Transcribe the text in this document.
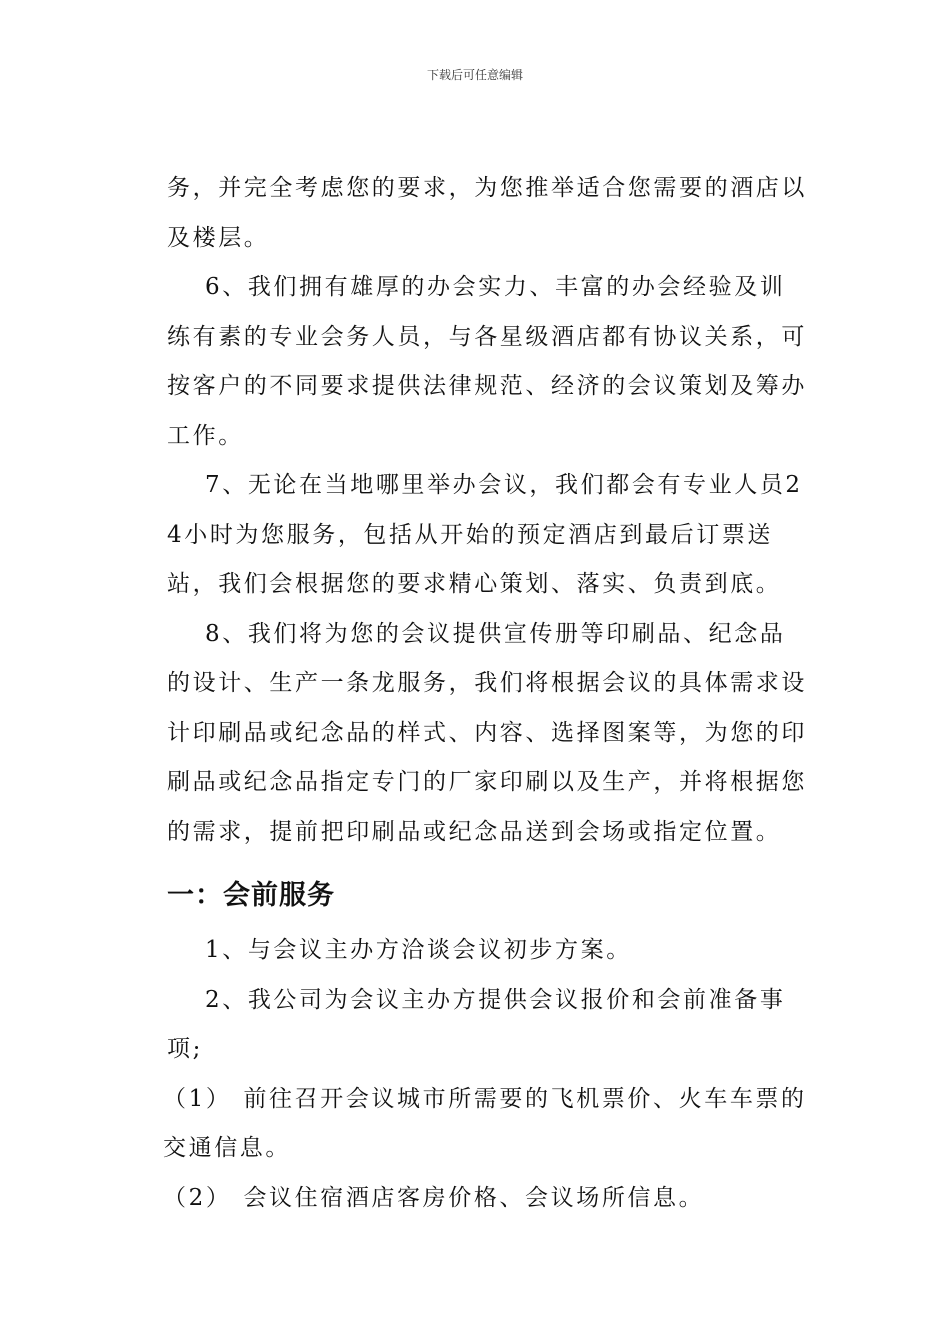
下载后可任意编辑

务，并完全考虑您的要求，为您推举适合您需要的酒店以及楼层。

6、我们拥有雄厚的办会实力、丰富的办会经验及训练有素的专业会务人员，与各星级酒店都有协议关系，可按客户的不同要求提供法律规范、经济的会议策划及筹办工作。

7、无论在当地哪里举办会议，我们都会有专业人员24小时为您服务，包括从开始的预定酒店到最后订票送站，我们会根据您的要求精心策划、落实、负责到底。

8、我们将为您的会议提供宣传册等印刷品、纪念品的设计、生产一条龙服务，我们将根据会议的具体需求设计印刷品或纪念品的样式、内容、选择图案等，为您的印刷品或纪念品指定专门的厂家印刷以及生产，并将根据您的需求，提前把印刷品或纪念品送到会场或指定位置。

一：会前服务

1、与会议主办方洽谈会议初步方案。

2、我公司为会议主办方提供会议报价和会前准备事项;

（1） 前往召开会议城市所需要的飞机票价、火车车票的交通信息。

（2） 会议住宿酒店客房价格、会议场所信息。
